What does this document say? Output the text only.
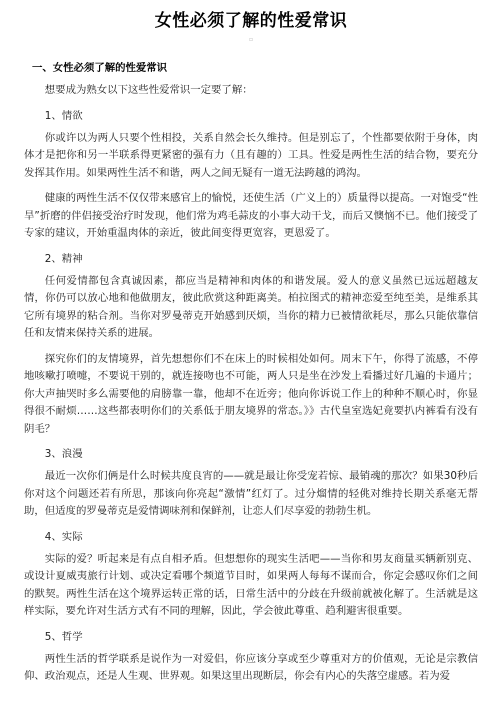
女性必须了解的性爱常识
▫
一、女性必须了解的性爱常识

想要成为熟女以下这些性爱常识一定要了解：

1、情欲

你或许以为两人只要个性相投，关系自然会长久维持。但是别忘了，个性都要依附于身体，肉体才是把你和另一半联系得更紧密的强有力（且有趣的）工具。性爱是两性生活的结合物，要充分发挥其作用。如果两性生活不和谐，两人之间无疑有一道无法跨越的鸿沟。

健康的两性生活不仅仅带来感官上的愉悦，还使生活（广义上的）质量得以提高。一对饱受“性旱”折磨的伴侣接受治疗时发现，他们常为鸡毛蒜皮的小事大动干戈，而后又懊恼不已。他们接受了专家的建议，开始重温肉体的亲近，彼此间变得更宽容，更恩爱了。

2、精神

任何爱情都包含真诚因素，都应当是精神和肉体的和谐发展。爱人的意义虽然已远远超越友情，你仍可以放心地和他做朋友，彼此欣赏这种距离美。柏拉图式的精神恋爱至纯至美，是维系其它所有境界的粘合剂。当你对罗曼蒂克开始感到厌烦，当你的精力已被情欲耗尽，那么只能依靠信任和友情来保持关系的进展。

探究你们的友情境界，首先想想你们不在床上的时候相处如何。周末下午，你得了流感，不停地咳嗽打喷嚏，不要说干别的，就连接吻也不可能，两人只是坐在沙发上看播过好几遍的卡通片；你大声抽哭时多么需要他的肩膀靠一靠，他却不在近旁；他向你诉说工作上的种种不顺心时，你显得很不耐烦……这些都表明你们的关系低于朋友境界的常态。》》古代皇室选妃竟要扒内裤看有没有阴毛？

3、浪漫

最近一次你们俩是什么时候共度良宵的——就是最让你受宠若惊、最销魂的那次？如果30秒后你对这个问题还若有所思，那该向你亮起“激情”红灯了。过分熘情的轻佻对维持长期关系毫无帮助，但适度的罗曼蒂克是爱情调味剂和保鲜剂，让恋人们尽享爱的勃勃生机。

4、实际

实际的爱？听起来是有点自相矛盾。但想想你的现实生活吧——当你和男友商量买辆新别克、或设计夏威夷旅行计划、或决定看哪个频道节目时，如果两人每每不谋而合，你定会感叹你们之间的默契。两性生活在这个境界运转正常的话，日常生活中的分歧在升级前就被化解了。生活就是这样实际，要允许对生活方式有不同的理解，因此，学会彼此尊重、趋利避害很重要。

5、哲学

两性生活的哲学联系是说作为一对爱侣，你应该分享或至少尊重对方的价值观，无论是宗教信仰、政治观点，还是人生观、世界观。如果这里出现断层，你会有内心的失落空虚感。若为爱
